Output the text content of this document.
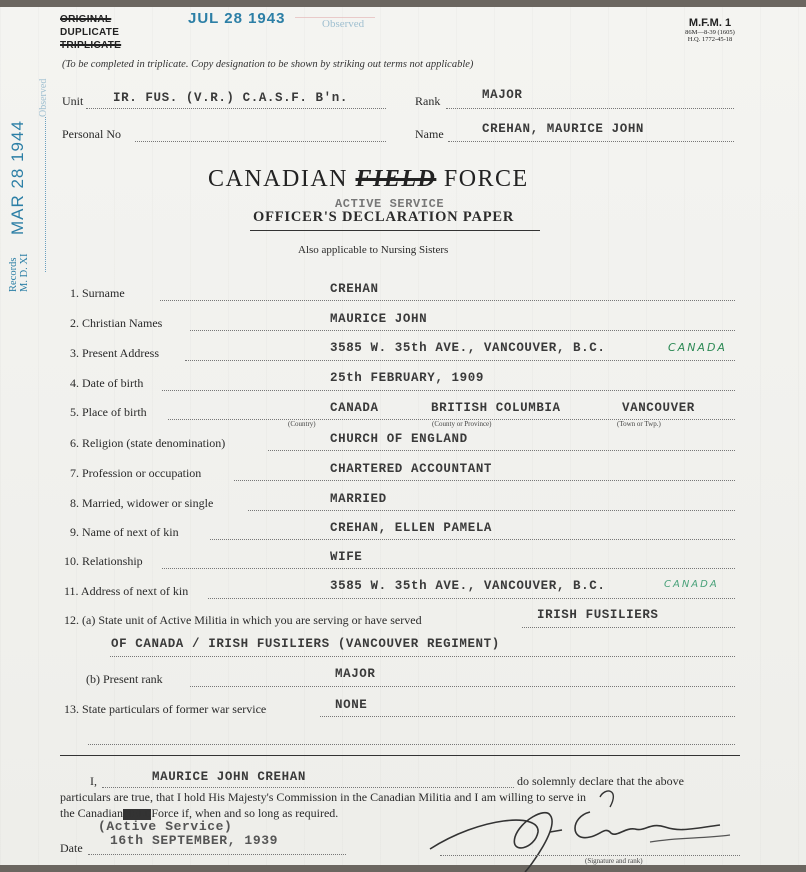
ORIGINAL
DUPLICATE
TRIPLICATE
JUL 28 1943	Observed
(To be completed in triplicate. Copy designation to be shown by striking out terms not applicable)
M.F.M. 1
86M—8-39 (1605)
H.Q. 1772-45-18
Records
M. D. XI MAR 28 1944
Observed Unit IR. FUS. (V.R.) C.A.S.F. B'n.	Rank	MAJOR
Personal No	Name	CREHAN, MAURICE JOHN
CANADIAN FIELD FORCE
ACTIVE SERVICE
OFFICER'S DECLARATION PAPER
Also applicable to Nursing Sisters
1. Surname	CREHAN
2. Christian Names	MAURICE JOHN
3. Present Address	3585 W. 35th AVE., VANCOUVER, B.C.	CANADA
4. Date of birth	25th FEBRUARY, 1909
5. Place of birth	CANADA	BRITISH COLUMBIA	VANCOUVER
(Country)	(County or Province)	(Town or Twp.)
6. Religion (state denomination)	CHURCH OF ENGLAND
7. Profession or occupation	CHARTERED ACCOUNTANT
8. Married, widower or single	MARRIED
9. Name of next of kin	CREHAN, ELLEN PAMELA
10. Relationship	WIFE
11. Address of next of kin	3585 W. 35th AVE., VANCOUVER, B.C.	CANADA
12. (a) State unit of Active Militia in which you are serving or have served	IRISH FUSILIERS
OF CANADA / IRISH FUSILIERS (VANCOUVER REGIMENT)
(b) Present rank	MAJOR
13. State particulars of former war service	NONE
I,	MAURICE JOHN CREHAN	do solemnly declare that the above
particulars are true, that I hold His Majesty's Commission in the Canadian Militia and I am willing to serve in
the CanadianFIELDForce if, when and so long as required.
(Active Service)
Date 16th SEPTEMBER, 1939
(Signature and rank)
